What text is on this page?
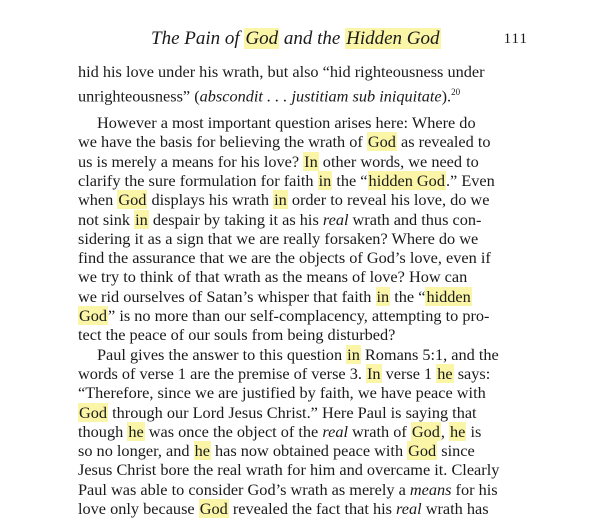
The Pain of God and the Hidden God	111
hid his love under his wrath, but also “hid righteousness under
unrighteousness” (abscondit . . . justitiam sub iniquitate).$^{20}$
However a most important question arises here: Where do
we have the basis for believing the wrath of God as revealed to
us is merely a means for his love? In other words, we need to
clarify the sure formulation for faith in the “hidden God.” Even
when God displays his wrath in order to reveal his love, do we
not sink in despair by taking it as his real wrath and thus con-
sidering it as a sign that we are really forsaken? Where do we
find the assurance that we are the objects of God’s love, even if
we try to think of that wrath as the means of love? How can
we rid ourselves of Satan’s whisper that faith in the “hidden
God” is no more than our self-complacency, attempting to pro-
tect the peace of our souls from being disturbed?
Paul gives the answer to this question in Romans 5:1, and the
words of verse 1 are the premise of verse 3. In verse 1 he says:
“Therefore, since we are justified by faith, we have peace with
God through our Lord Jesus Christ.” Here Paul is saying that
though he was once the object of the real wrath of God, he is
so no longer, and he has now obtained peace with God since
Jesus Christ bore the real wrath for him and overcame it. Clearly
Paul was able to consider God’s wrath as merely a means for his
love only because God revealed the fact that his real wrath has
